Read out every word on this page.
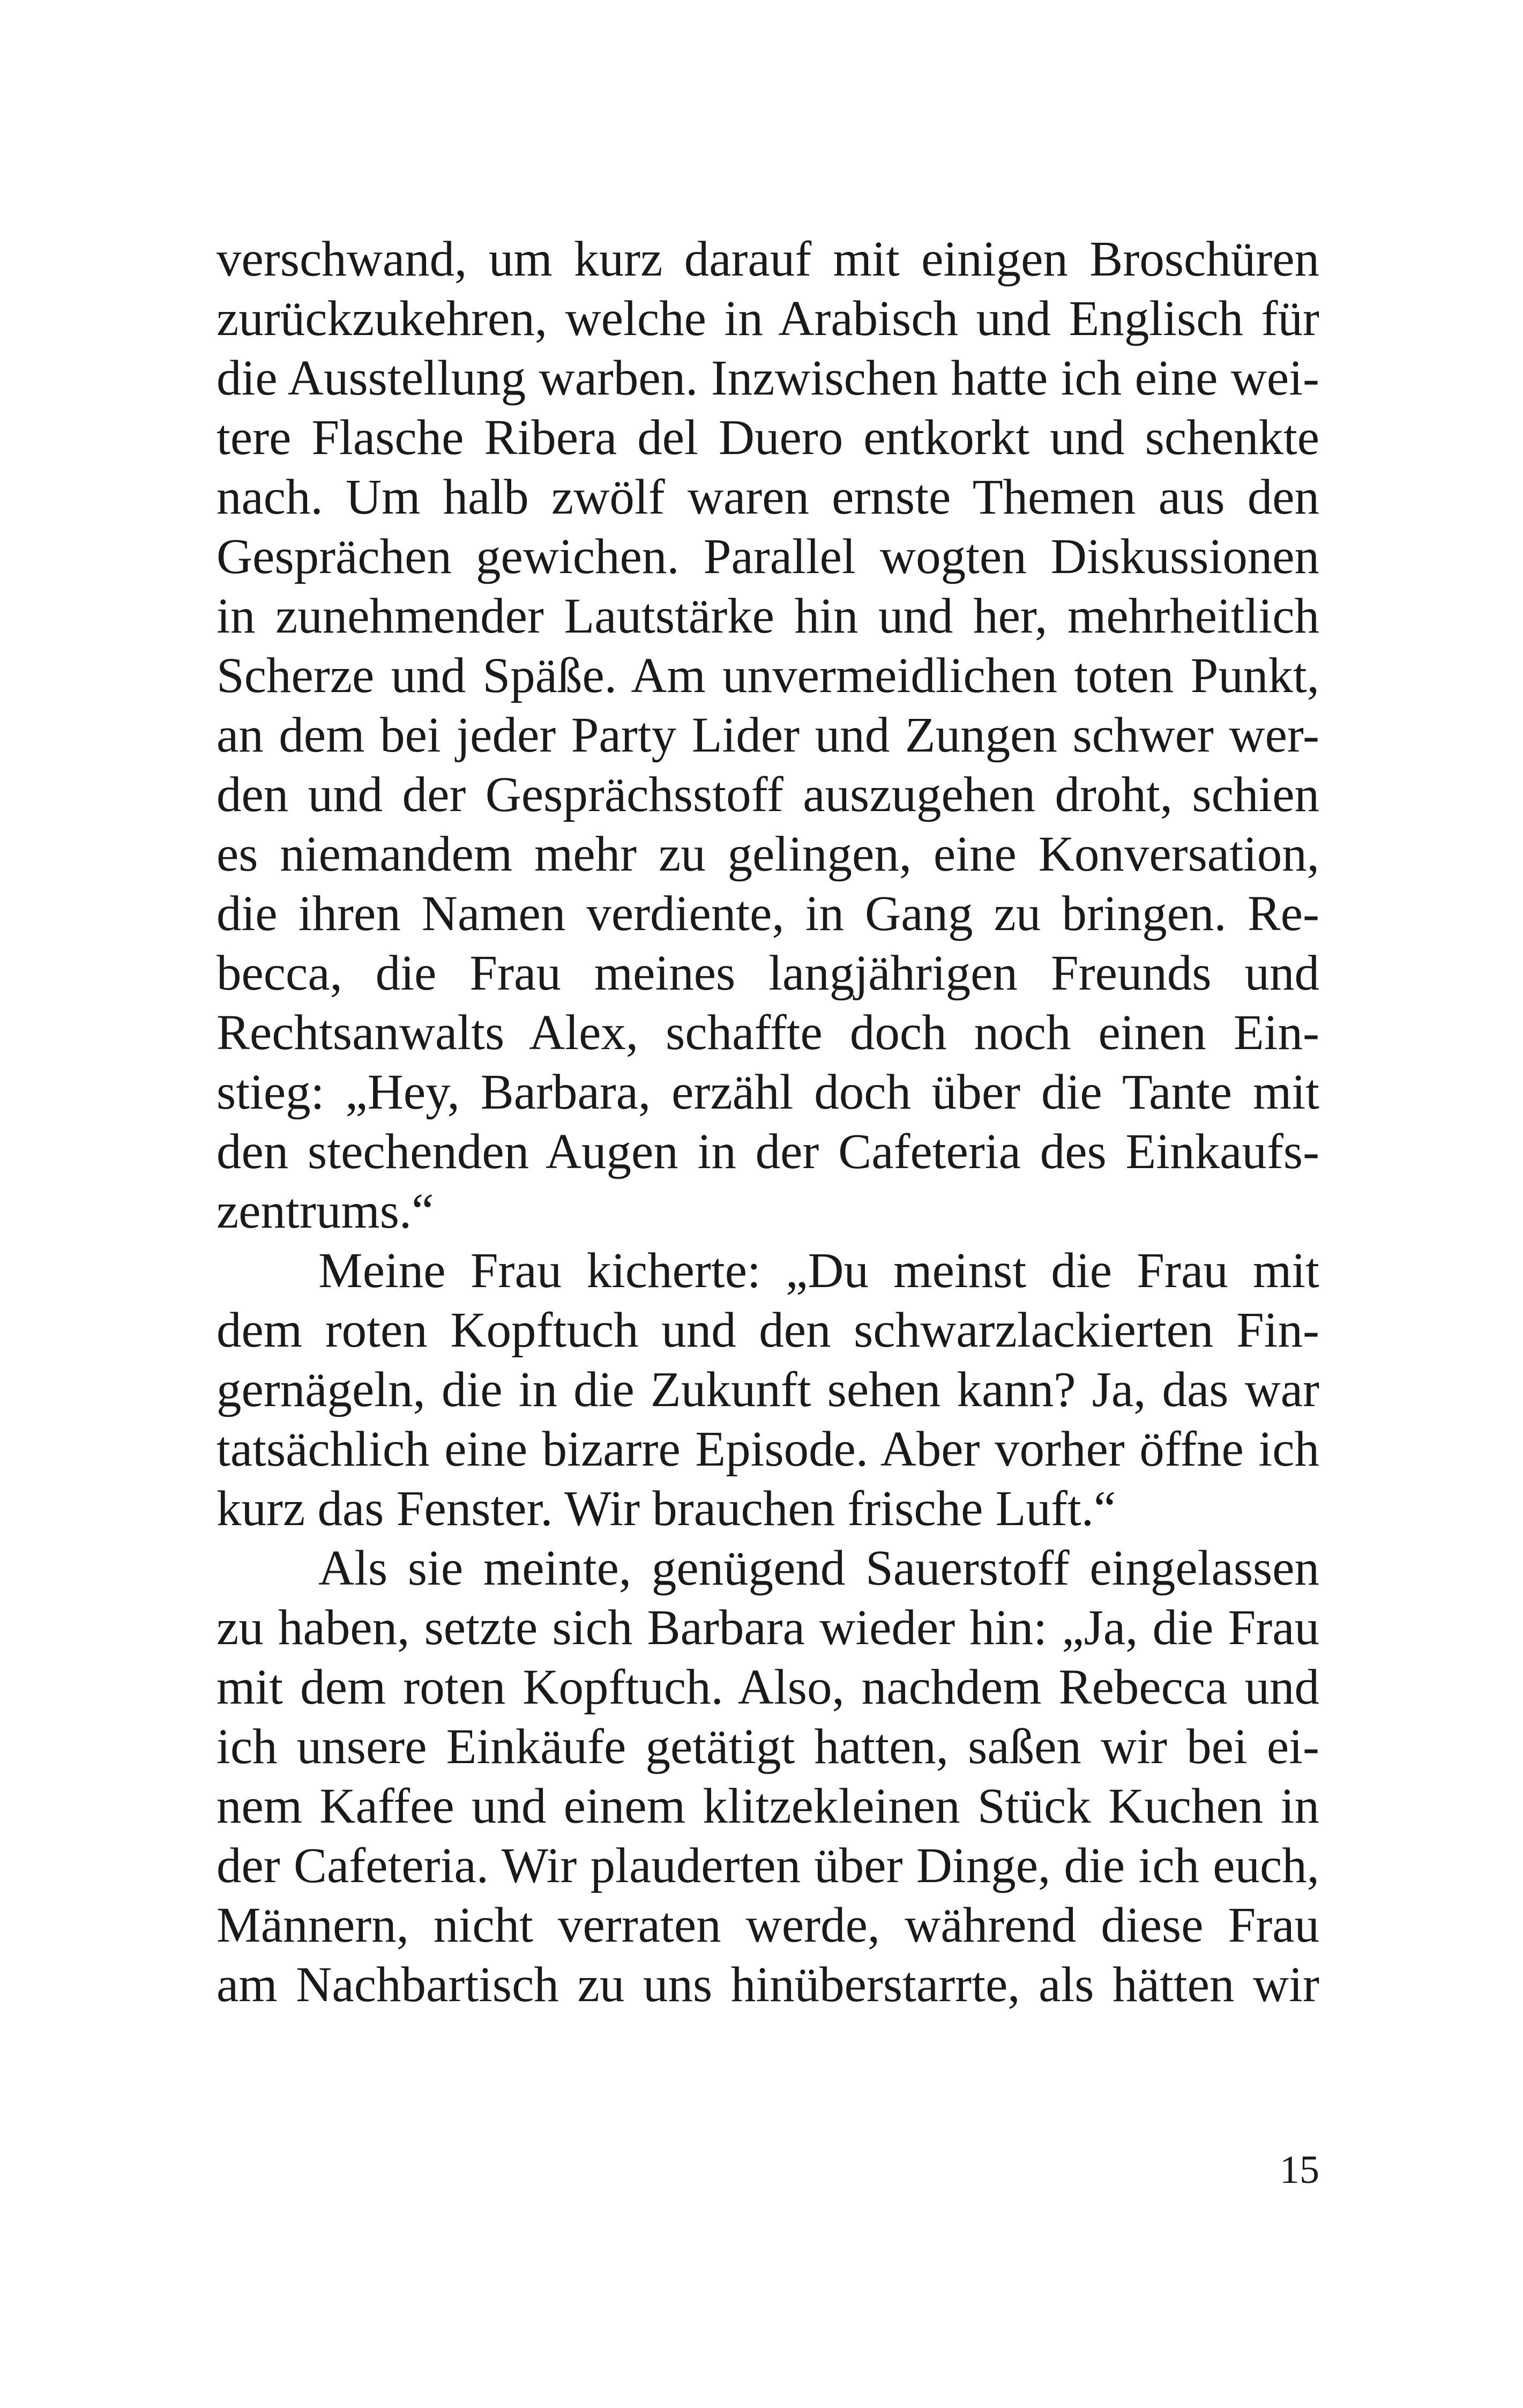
verschwand, um kurz darauf mit einigen Broschüren
zurückzukehren, welche in Arabisch und Englisch für
die Ausstellung warben. Inzwischen hatte ich eine wei-
tere Flasche Ribera del Duero entkorkt und schenkte
nach. Um halb zwölf waren ernste Themen aus den
Gesprächen gewichen. Parallel wogten Diskussionen
in zunehmender Lautstärke hin und her, mehrheitlich
Scherze und Späße. Am unvermeidlichen toten Punkt,
an dem bei jeder Party Lider und Zungen schwer wer-
den und der Gesprächsstoff auszugehen droht, schien
es niemandem mehr zu gelingen, eine Konversation,
die ihren Namen verdiente, in Gang zu bringen. Re-
becca, die Frau meines langjährigen Freunds und
Rechtsanwalts Alex, schaffte doch noch einen Ein-
stieg: „Hey, Barbara, erzähl doch über die Tante mit
den stechenden Augen in der Cafeteria des Einkaufs-
zentrums.“
Meine Frau kicherte: „Du meinst die Frau mit
dem roten Kopftuch und den schwarzlackierten Fin-
gernägeln, die in die Zukunft sehen kann? Ja, das war
tatsächlich eine bizarre Episode. Aber vorher öffne ich
kurz das Fenster. Wir brauchen frische Luft.“
Als sie meinte, genügend Sauerstoff eingelassen
zu haben, setzte sich Barbara wieder hin: „Ja, die Frau
mit dem roten Kopftuch. Also, nachdem Rebecca und
ich unsere Einkäufe getätigt hatten, saßen wir bei ei-
nem Kaffee und einem klitzekleinen Stück Kuchen in
der Cafeteria. Wir plauderten über Dinge, die ich euch,
Männern, nicht verraten werde, während diese Frau
am Nachbartisch zu uns hinüberstarrte, als hätten wir
15
